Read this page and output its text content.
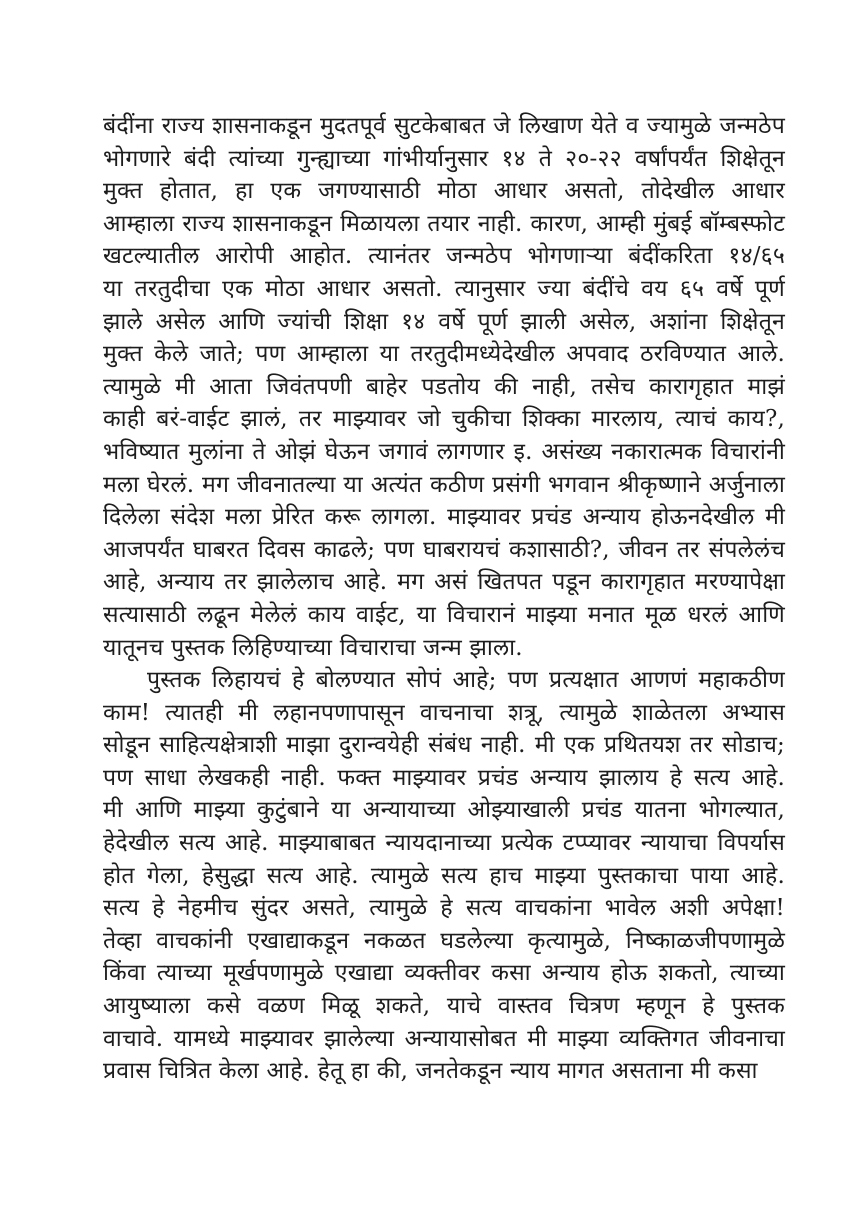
बंदींना राज्य शासनाकडून मुदतपूर्व सुटकेबाबत जे लिखाण येते व ज्यामुळे जन्मठेप
भोगणारे बंदी त्यांच्या गुन्ह्याच्या गांभीर्यानुसार १४ ते २०-२२ वर्षांपर्यंत शिक्षेतून
मुक्त होतात, हा एक जगण्यासाठी मोठा आधार असतो, तोदेखील आधार
आम्हाला राज्य शासनाकडून मिळायला तयार नाही. कारण, आम्ही मुंबई बॉम्बस्फोट
खटल्यातील आरोपी आहोत. त्यानंतर जन्मठेप भोगणाऱ्या बंदींकरिता १४/६५
या तरतुदीचा एक मोठा आधार असतो. त्यानुसार ज्या बंदींचे वय ६५ वर्षे पूर्ण
झाले असेल आणि ज्यांची शिक्षा १४ वर्षे पूर्ण झाली असेल, अशांना शिक्षेतून
मुक्त केले जाते; पण आम्हाला या तरतुदीमध्येदेखील अपवाद ठरविण्यात आले.
त्यामुळे मी आता जिवंतपणी बाहेर पडतोय की नाही, तसेच कारागृहात माझं
काही बरं-वाईट झालं, तर माझ्यावर जो चुकीचा शिक्का मारलाय, त्याचं काय?,
भविष्यात मुलांना ते ओझं घेऊन जगावं लागणार इ. असंख्य नकारात्मक विचारांनी
मला घेरलं. मग जीवनातल्या या अत्यंत कठीण प्रसंगी भगवान श्रीकृष्णाने अर्जुनाला
दिलेला संदेश मला प्रेरित करू लागला. माझ्यावर प्रचंड अन्याय होऊनदेखील मी
आजपर्यंत घाबरत दिवस काढले; पण घाबरायचं कशासाठी?, जीवन तर संपलेलंच
आहे, अन्याय तर झालेलाच आहे. मग असं खितपत पडून कारागृहात मरण्यापेक्षा
सत्यासाठी लढून मेलेलं काय वाईट, या विचारानं माझ्या मनात मूळ धरलं आणि
यातूनच पुस्तक लिहिण्याच्या विचाराचा जन्म झाला.
पुस्तक लिहायचं हे बोलण्यात सोपं आहे; पण प्रत्यक्षात आणणं महाकठीण
काम! त्यातही मी लहानपणापासून वाचनाचा शत्रू, त्यामुळे शाळेतला अभ्यास
सोडून साहित्यक्षेत्राशी माझा दुरान्वयेही संबंध नाही. मी एक प्रथितयश तर सोडाच;
पण साधा लेखकही नाही. फक्त माझ्यावर प्रचंड अन्याय झालाय हे सत्य आहे.
मी आणि माझ्या कुटुंबाने या अन्यायाच्या ओझ्याखाली प्रचंड यातना भोगल्यात,
हेदेखील सत्य आहे. माझ्याबाबत न्यायदानाच्या प्रत्येक टप्प्यावर न्यायाचा विपर्यास
होत गेला, हेसुद्धा सत्य आहे. त्यामुळे सत्य हाच माझ्या पुस्तकाचा पाया आहे.
सत्य हे नेहमीच सुंदर असते, त्यामुळे हे सत्य वाचकांना भावेल अशी अपेक्षा!
तेव्हा वाचकांनी एखाद्याकडून नकळत घडलेल्या कृत्यामुळे, निष्काळजीपणामुळे
किंवा त्याच्या मूर्खपणामुळे एखाद्या व्यक्तीवर कसा अन्याय होऊ शकतो, त्याच्या
आयुष्याला कसे वळण मिळू शकते, याचे वास्तव चित्रण म्हणून हे पुस्तक
वाचावे. यामध्ये माझ्यावर झालेल्या अन्यायासोबत मी माझ्या व्यक्तिगत जीवनाचा
प्रवास चित्रित केला आहे. हेतू हा की, जनतेकडून न्याय मागत असताना मी कसा
